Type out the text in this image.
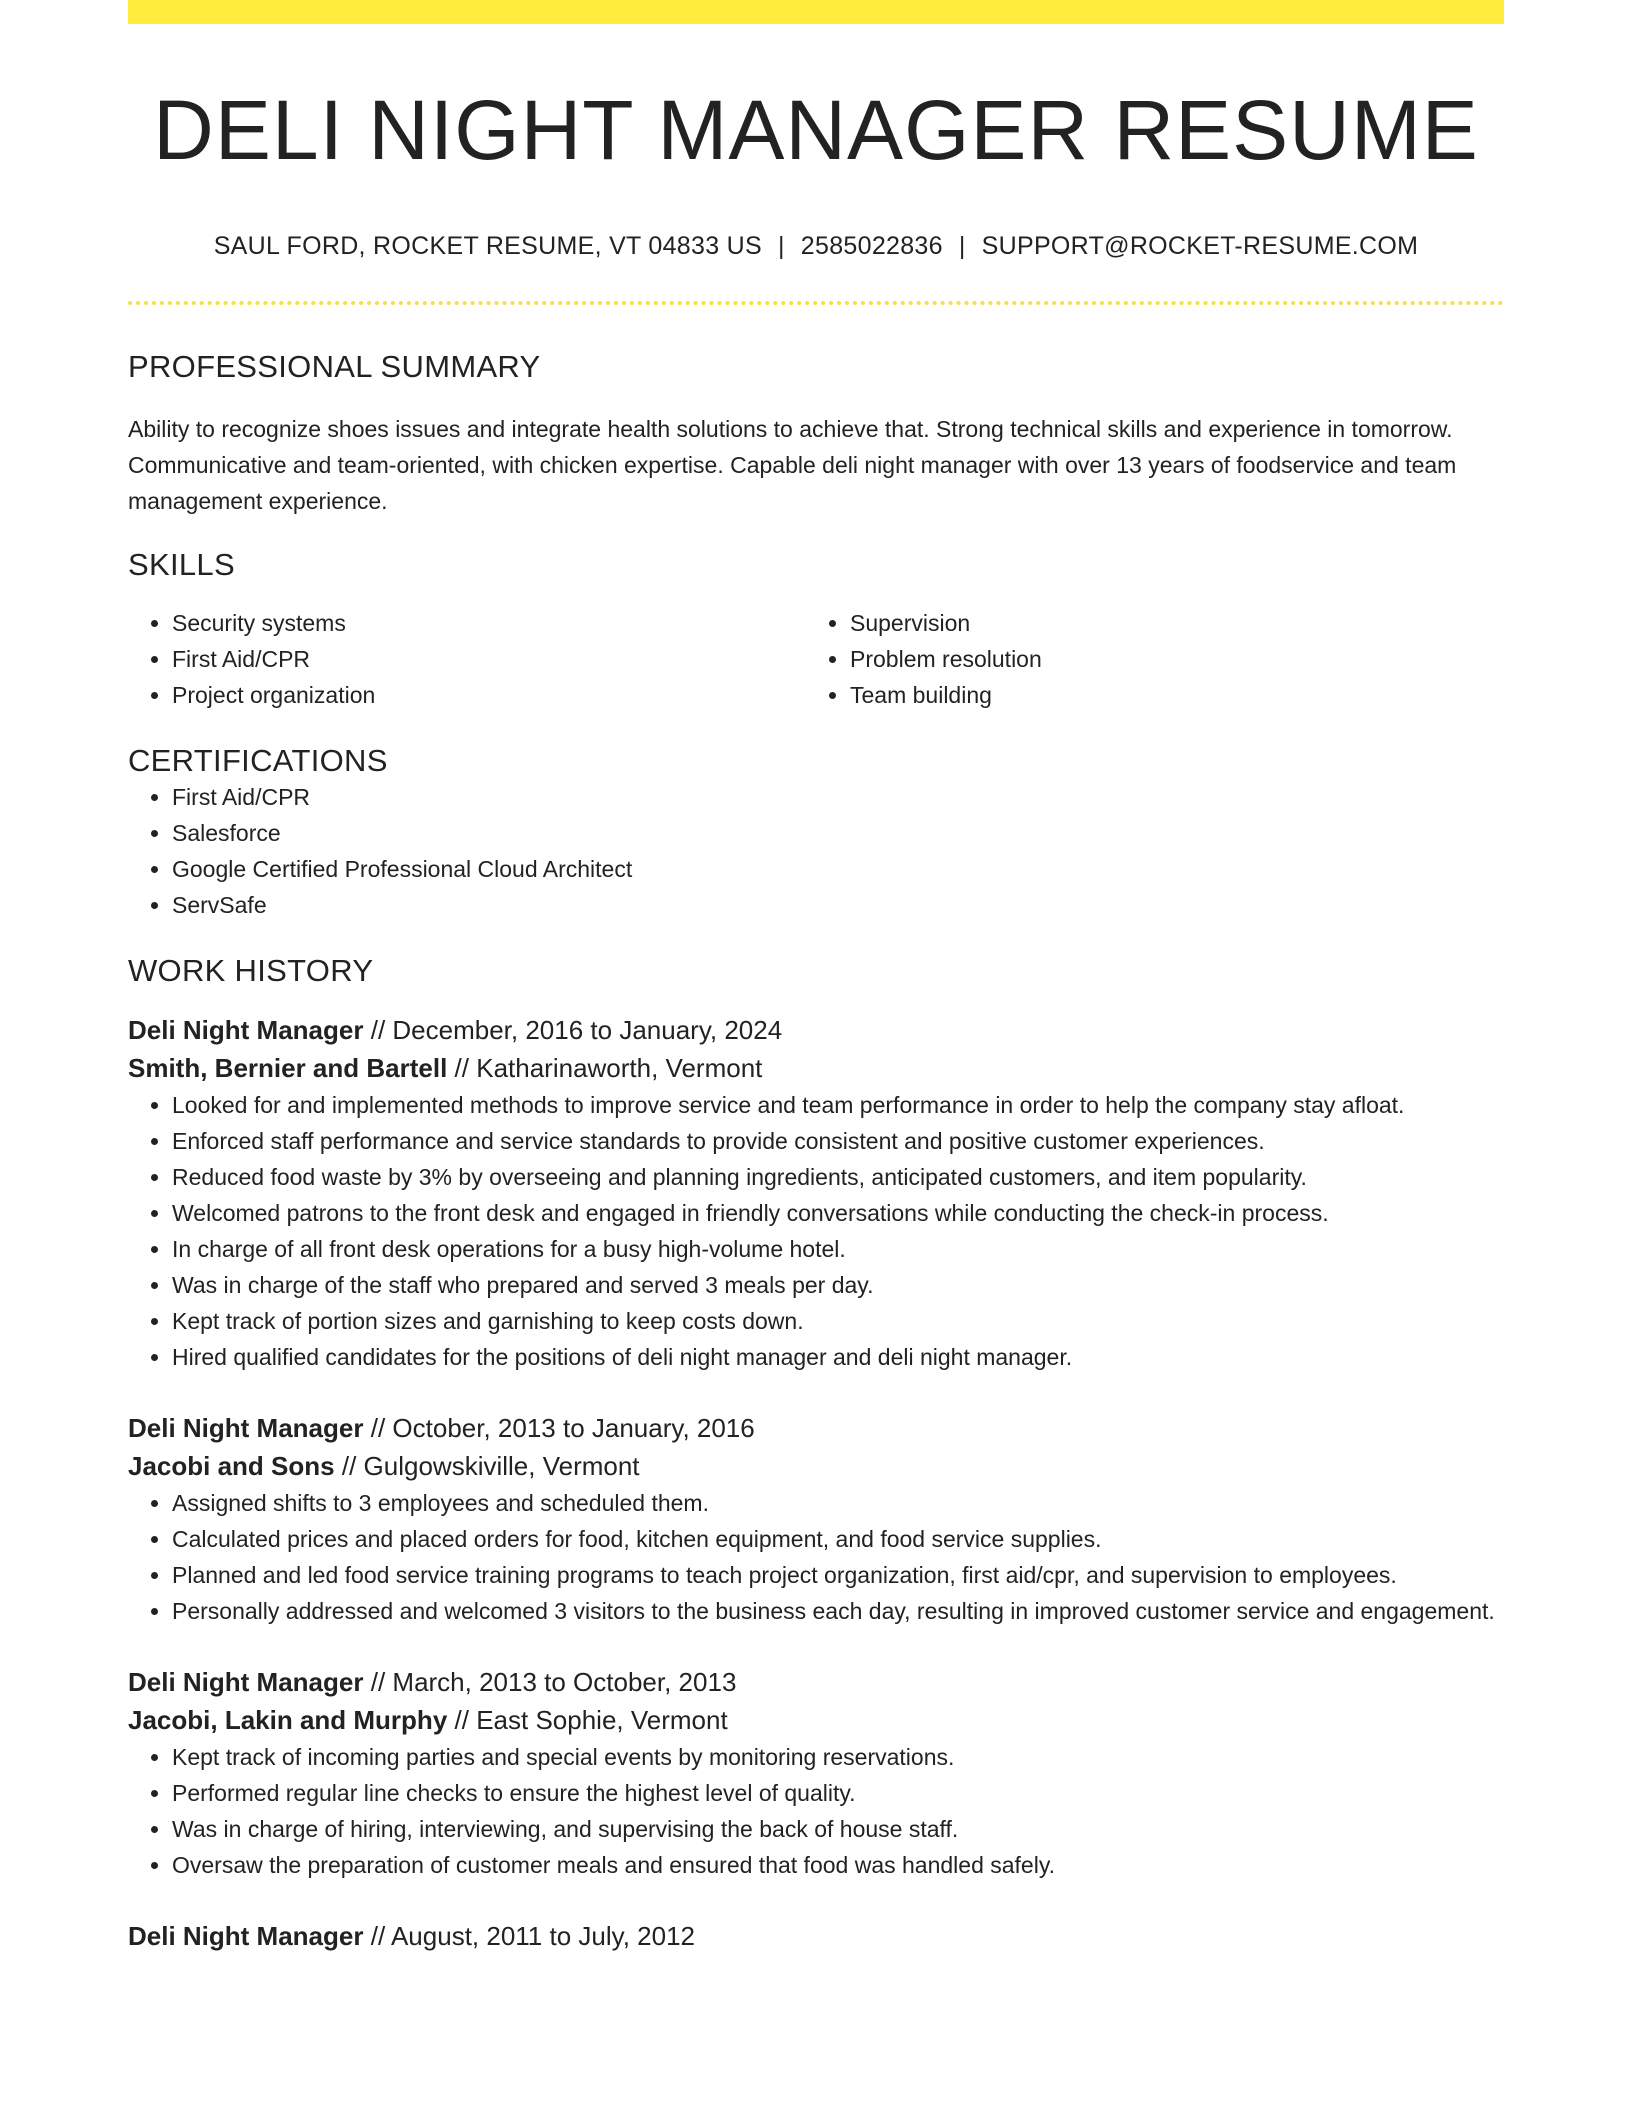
DELI NIGHT MANAGER RESUME
SAUL FORD, ROCKET RESUME, VT 04833 US | 2585022836 | SUPPORT@ROCKET-RESUME.COM
PROFESSIONAL SUMMARY

Ability to recognize shoes issues and integrate health solutions to achieve that. Strong technical skills and experience in tomorrow. Communicative and team-oriented, with chicken expertise. Capable deli night manager with over 13 years of foodservice and team management experience.

SKILLS
• Security systems
• First Aid/CPR
• Project organization
• Supervision
• Problem resolution
• Team building
CERTIFICATIONS
• First Aid/CPR
• Salesforce
• Google Certified Professional Cloud Architect
• ServSafe
WORK HISTORY
Deli Night Manager // December, 2016 to January, 2024
Smith, Bernier and Bartell // Katharinaworth, Vermont
• Looked for and implemented methods to improve service and team performance in order to help the company stay afloat.
• Enforced staff performance and service standards to provide consistent and positive customer experiences.
• Reduced food waste by 3% by overseeing and planning ingredients, anticipated customers, and item popularity.
• Welcomed patrons to the front desk and engaged in friendly conversations while conducting the check-in process.
• In charge of all front desk operations for a busy high-volume hotel.
• Was in charge of the staff who prepared and served 3 meals per day.
• Kept track of portion sizes and garnishing to keep costs down.
• Hired qualified candidates for the positions of deli night manager and deli night manager.
Deli Night Manager // October, 2013 to January, 2016
Jacobi and Sons // Gulgowskiville, Vermont
• Assigned shifts to 3 employees and scheduled them.
• Calculated prices and placed orders for food, kitchen equipment, and food service supplies.
• Planned and led food service training programs to teach project organization, first aid/cpr, and supervision to employees.
• Personally addressed and welcomed 3 visitors to the business each day, resulting in improved customer service and engagement.
Deli Night Manager // March, 2013 to October, 2013
Jacobi, Lakin and Murphy // East Sophie, Vermont
• Kept track of incoming parties and special events by monitoring reservations.
• Performed regular line checks to ensure the highest level of quality.
• Was in charge of hiring, interviewing, and supervising the back of house staff.
• Oversaw the preparation of customer meals and ensured that food was handled safely.
Deli Night Manager // August, 2011 to July, 2012
